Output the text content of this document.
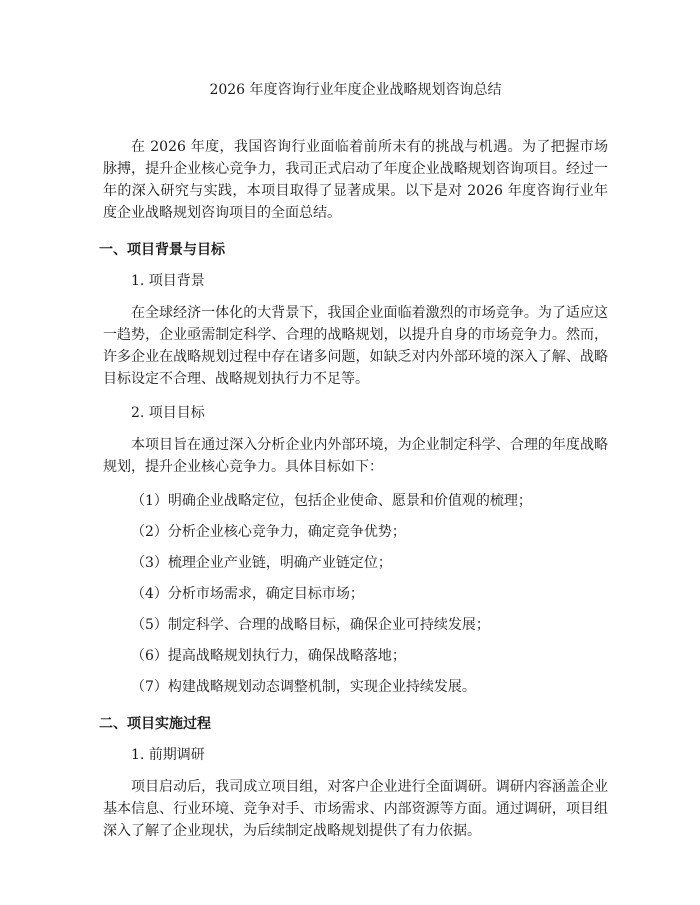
2026 年度咨询行业年度企业战略规划咨询总结

在 2026 年度，我国咨询行业面临着前所未有的挑战与机遇。为了把握市场脉搏，提升企业核心竞争力，我司正式启动了年度企业战略规划咨询项目。经过一年的深入研究与实践，本项目取得了显著成果。以下是对 2026 年度咨询行业年度企业战略规划咨询项目的全面总结。

一、项目背景与目标
1. 项目背景

在全球经济一体化的大背景下，我国企业面临着激烈的市场竞争。为了适应这一趋势，企业亟需制定科学、合理的战略规划，以提升自身的市场竞争力。然而，许多企业在战略规划过程中存在诸多问题，如缺乏对内外部环境的深入了解、战略目标设定不合理、战略规划执行力不足等。

2. 项目目标

本项目旨在通过深入分析企业内外部环境，为企业制定科学、合理的年度战略规划，提升企业核心竞争力。具体目标如下：

（1）明确企业战略定位，包括企业使命、愿景和价值观的梳理；
（2）分析企业核心竞争力，确定竞争优势；
（3）梳理企业产业链，明确产业链定位；
（4）分析市场需求，确定目标市场；
（5）制定科学、合理的战略目标，确保企业可持续发展；
（6）提高战略规划执行力，确保战略落地；
（7）构建战略规划动态调整机制，实现企业持续发展。
二、项目实施过程
1. 前期调研

项目启动后，我司成立项目组，对客户企业进行全面调研。调研内容涵盖企业基本信息、行业环境、竞争对手、市场需求、内部资源等方面。通过调研，项目组深入了解了企业现状，为后续制定战略规划提供了有力依据。
